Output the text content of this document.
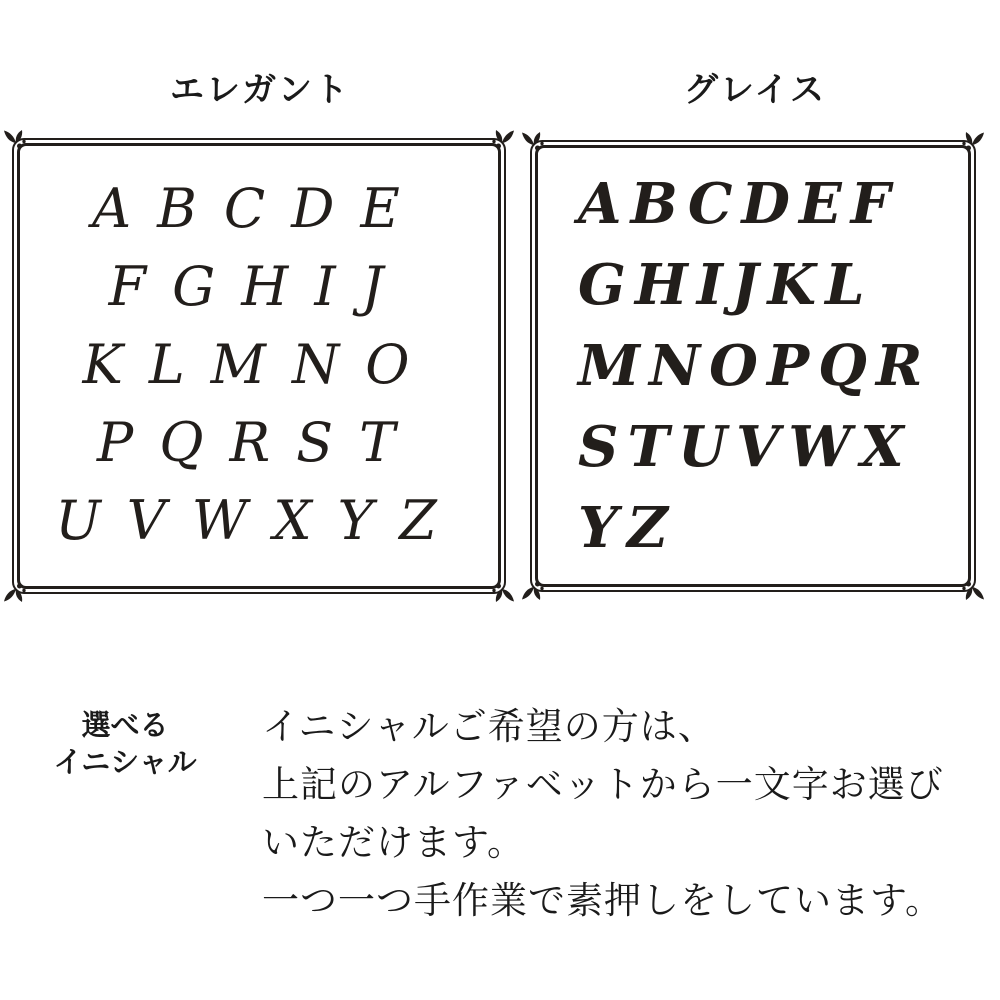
エレガント	グレイス
ABCDE
FGHIJ
KLMNO
PQRST
UVWXYZ
ABCDEF
GHIJKL
MNOPQR
STUVWX
YZ
選べる
イニシャル
イニシャルご希望の方は、
上記のアルファベットから一文字お選び
いただけます。
一つ一つ手作業で素押しをしています。
